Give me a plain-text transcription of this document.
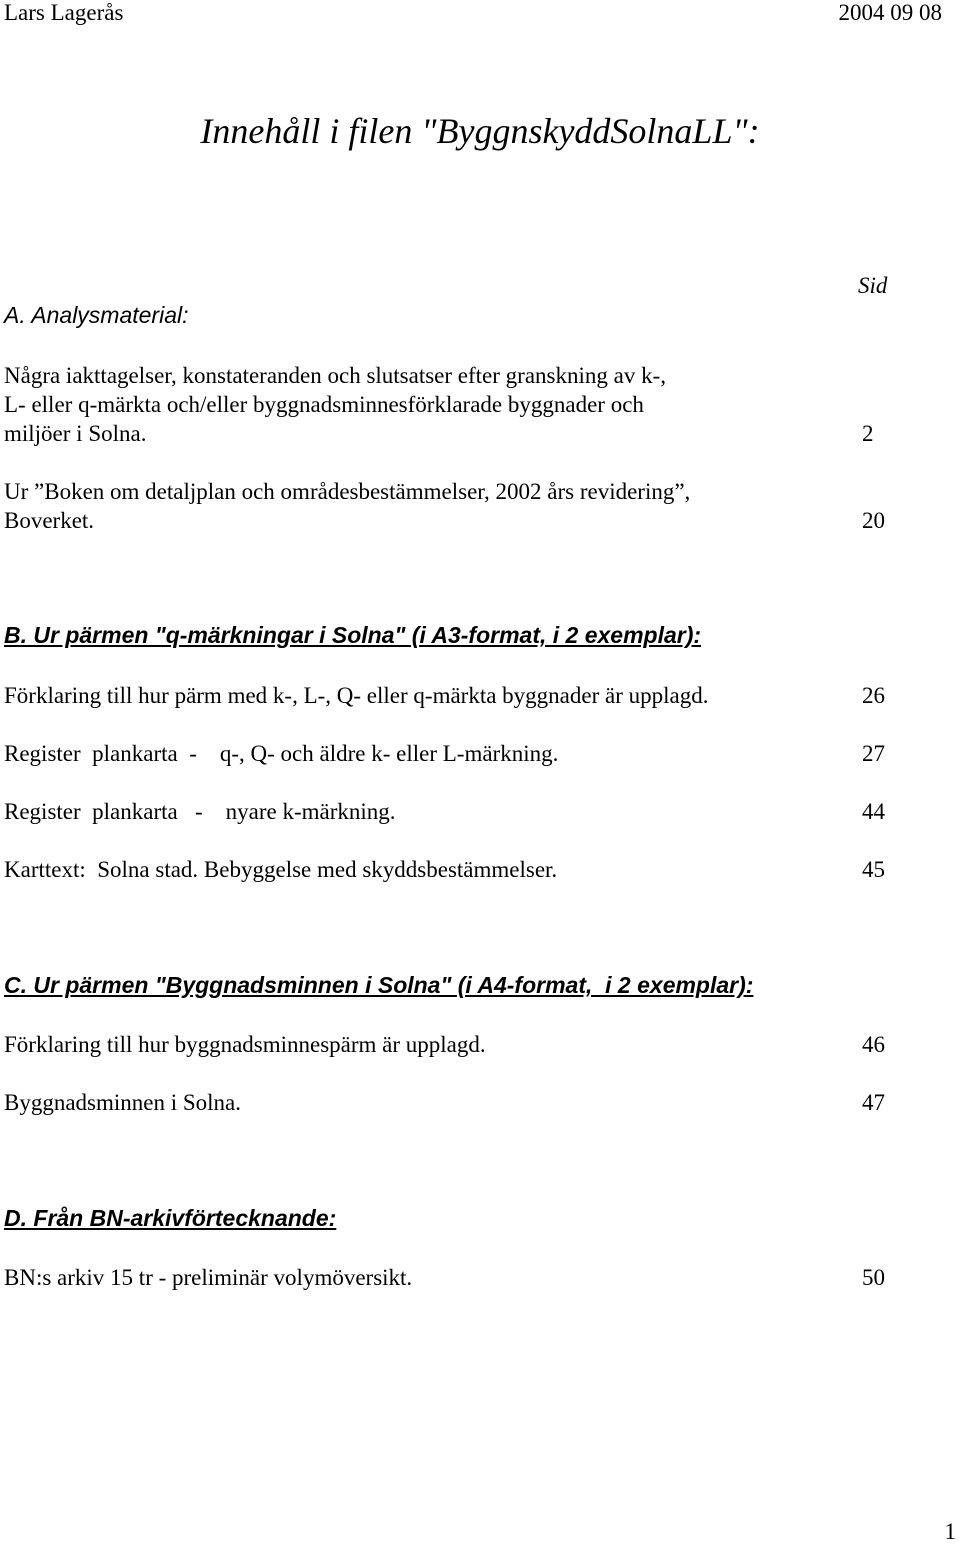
Lars Lagerås	2004 09 08
Innehåll i filen "ByggnskyddSolnaLL":
Sid
A. Analysmaterial:
Några iakttagelser, konstateranden och slutsatser efter granskning av k-,
L- eller q-märkta och/eller byggnadsminnesförklarade byggnader och
miljöer i Solna.	2
Ur ”Boken om detaljplan och områdesbestämmelser, 2002 års revidering”,
Boverket.	20
B. Ur pärmen "q-märkningar i Solna" (i A3-format, i 2 exemplar):
Förklaring till hur pärm med k-, L-, Q- eller q-märkta byggnader är upplagd.	26
Register  plankarta  -    q-, Q- och äldre k- eller L-märkning.	27
Register  plankarta   -    nyare k-märkning.	44
Karttext:  Solna stad. Bebyggelse med skyddsbestämmelser.	45
C. Ur pärmen "Byggnadsminnen i Solna" (i A4-format,  i 2 exemplar):
Förklaring till hur byggnadsminnespärm är upplagd.	46
Byggnadsminnen i Solna.	47
D. Från BN-arkivförtecknande:
BN:s arkiv 15 tr - preliminär volymöversikt.	50
1
